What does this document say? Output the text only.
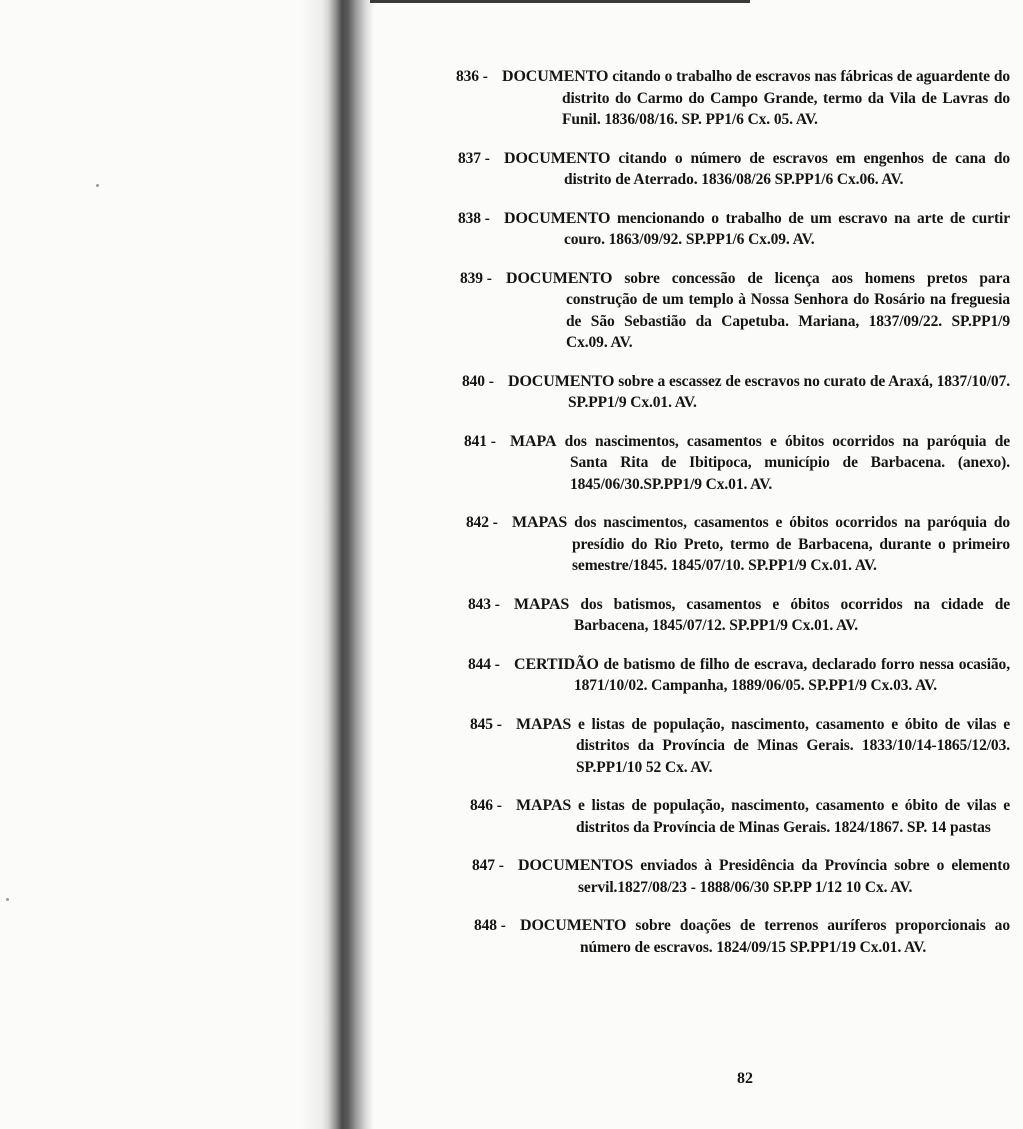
836 - DOCUMENTO citando o trabalho de escravos nas fábricas de aguardente do distrito do Carmo do Campo Grande, termo da Vila de Lavras do Funil. 1836/08/16. SP. PP1/6 Cx. 05. AV.
837 - DOCUMENTO citando o número de escravos em engenhos de cana do distrito de Aterrado. 1836/08/26 SP.PP1/6 Cx.06. AV.
838 - DOCUMENTO mencionando o trabalho de um escravo na arte de curtir couro. 1863/09/92. SP.PP1/6 Cx.09. AV.
839 - DOCUMENTO sobre concessão de licença aos homens pretos para construção de um templo à Nossa Senhora do Rosário na freguesia de São Sebastião da Capetuba. Mariana, 1837/09/22. SP.PP1/9 Cx.09. AV.
840 - DOCUMENTO sobre a escassez de escravos no curato de Araxá, 1837/10/07. SP.PP1/9 Cx.01. AV.
841 - MAPA dos nascimentos, casamentos e óbitos ocorridos na paróquia de Santa Rita de Ibitipoca, município de Barbacena. (anexo). 1845/06/30.SP.PP1/9 Cx.01. AV.
842 - MAPAS dos nascimentos, casamentos e óbitos ocorridos na paróquia do presídio do Rio Preto, termo de Barbacena, durante o primeiro semestre/1845. 1845/07/10. SP.PP1/9 Cx.01. AV.
843 - MAPAS dos batismos, casamentos e óbitos ocorridos na cidade de Barbacena, 1845/07/12. SP.PP1/9 Cx.01. AV.
844 - CERTIDÃO de batismo de filho de escrava, declarado forro nessa ocasião, 1871/10/02. Campanha, 1889/06/05. SP.PP1/9 Cx.03. AV.
845 - MAPAS e listas de população, nascimento, casamento e óbito de vilas e distritos da Província de Minas Gerais. 1833/10/14-1865/12/03. SP.PP1/10 52 Cx. AV.
846 - MAPAS e listas de população, nascimento, casamento e óbito de vilas e distritos da Província de Minas Gerais. 1824/1867. SP. 14 pastas
847 - DOCUMENTOS enviados à Presidência da Província sobre o elemento servil.1827/08/23 - 1888/06/30 SP.PP 1/12 10 Cx. AV.
848 - DOCUMENTO sobre doações de terrenos auríferos proporcionais ao número de escravos. 1824/09/15 SP.PP1/19 Cx.01. AV.
82
